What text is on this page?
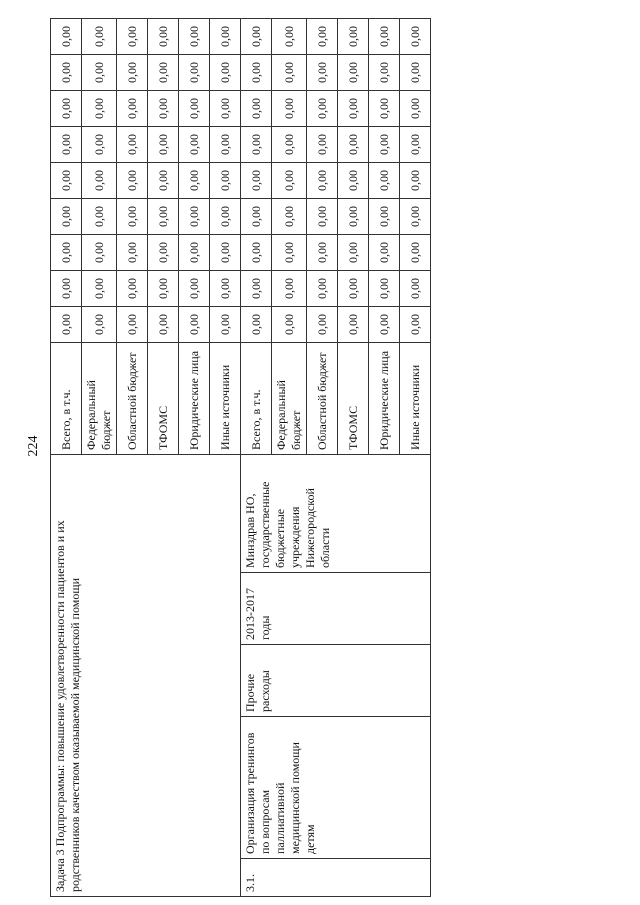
224
Задача 3 Подпрограммы: повышение удовлетворенности пациентов и их родственников качеством оказываемой медицинской помощи					Всего, в т.ч.	0,00	0,00	0,00	0,00	0,00	0,00	0,00	0,00	0,00
					Федеральный бюджет	0,00	0,00	0,00	0,00	0,00	0,00	0,00	0,00	0,00
					Областной бюджет	0,00	0,00	0,00	0,00	0,00	0,00	0,00	0,00	0,00
					ТФОМС	0,00	0,00	0,00	0,00	0,00	0,00	0,00	0,00	0,00
					Юридические лица	0,00	0,00	0,00	0,00	0,00	0,00	0,00	0,00	0,00
					Иные источники	0,00	0,00	0,00	0,00	0,00	0,00	0,00	0,00	0,00
3.1.	Организация тренингов по вопросам паллиативной медицинской помощи детям	Прочие расходы	2013-2017 годы	Минздрав НО, государственные бюджетные учреждения Нижегородской области	Всего, в т.ч.	0,00	0,00	0,00	0,00	0,00	0,00	0,00	0,00	0,00
					Федеральный бюджет	0,00	0,00	0,00	0,00	0,00	0,00	0,00	0,00	0,00
					Областной бюджет	0,00	0,00	0,00	0,00	0,00	0,00	0,00	0,00	0,00
					ТФОМС	0,00	0,00	0,00	0,00	0,00	0,00	0,00	0,00	0,00
					Юридические лица	0,00	0,00	0,00	0,00	0,00	0,00	0,00	0,00	0,00
					Иные источники	0,00	0,00	0,00	0,00	0,00	0,00	0,00	0,00	0,00
